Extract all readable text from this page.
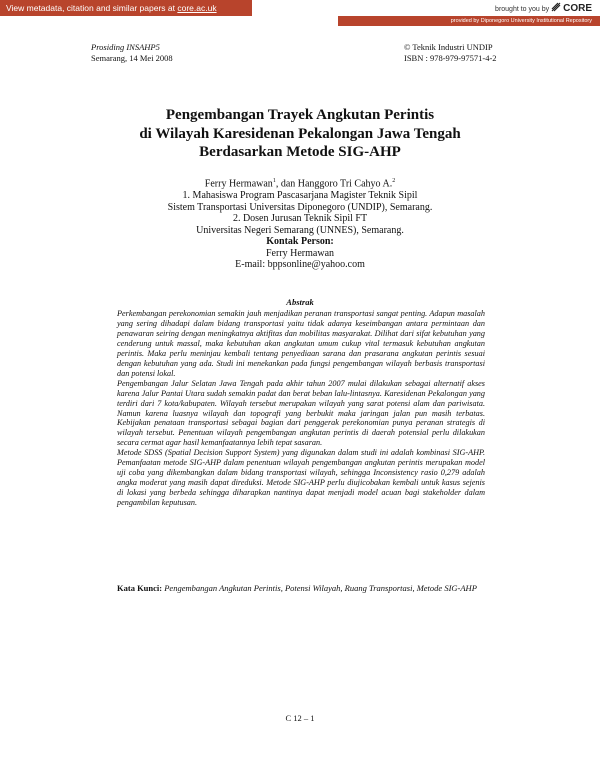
View metadata, citation and similar papers at core.ac.uk	brought to you by CORE
provided by Diponegoro University Institutional Repository
Prosiding INSAHP5
Semarang, 14 Mei 2008
© Teknik Industri UNDIP
ISBN : 978-979-97571-4-2
Pengembangan Trayek Angkutan Perintis
di Wilayah Karesidenan Pekalongan Jawa Tengah
Berdasarkan Metode SIG-AHP
Ferry Hermawan$^1$, dan Hanggoro Tri Cahyo A.$^2$
1. Mahasiswa Program Pascasarjana Magister Teknik Sipil
Sistem Transportasi Universitas Diponegoro (UNDIP), Semarang.
2. Dosen Jurusan Teknik Sipil FT
Universitas Negeri Semarang (UNNES), Semarang.
Kontak Person:
Ferry Hermawan
E-mail: bppsonline@yahoo.com
Abstrak

Perkembangan perekonomian semakin jauh menjadikan peranan transportasi sangat penting. Adapun masalah yang sering dihadapi dalam bidang transportasi yaitu tidak adanya keseimbangan antara permintaan dan penawaran seiring dengan meningkatnya aktifitas dan mobilitas masyarakat. Dilihat dari sifat kebutuhan yang cenderung untuk massal, maka kebutuhan akan angkutan umum cukup vital termasuk kebutuhan angkutan perintis. Maka perlu meninjau kembali tentang penyediaan sarana dan prasarana angkutan perintis sesuai dengan kebutuhan yang ada. Studi ini menekankan pada fungsi pengembangan wilayah berbasis transportasi dan potensi lokal.

Pengembangan Jalur Selatan Jawa Tengah pada akhir tahun 2007 mulai dilakukan sebagai alternatif akses karena Jalur Pantai Utara sudah semakin padat dan berat beban lalu-lintasnya. Karesidenan Pekalongan yang terdiri dari 7 kota/kabupaten. Wilayah tersebut merupakan wilayah yang sarat potensi alam dan pariwisata. Namun karena luasnya wilayah dan topografi yang berbukit maka jaringan jalan pun masih terbatas. Kebijakan penataan transportasi sebagai bagian dari penggerak perekonomian punya peranan strategis di wilayah tersebut. Penentuan wilayah pengembangan angkutan perintis di daerah potensial perlu dilakukan secara cermat agar hasil kemanfaatannya lebih tepat sasaran.

Metode SDSS (Spatial Decision Support System) yang digunakan dalam studi ini adalah kombinasi SIG-AHP. Pemanfaatan metode SIG-AHP dalam penentuan wilayah pengembangan angkutan perintis merupakan model uji coba yang dikembangkan dalam bidang transportasi wilayah, sehingga Inconsistency rasio 0,279 adalah angka moderat yang masih dapat direduksi. Metode SIG-AHP perlu diujicobakan kembali untuk kasus sejenis di lokasi yang berbeda sehingga diharapkan nantinya dapat menjadi model acuan bagi stakeholder dalam pengambilan keputusan.

Kata Kunci: Pengembangan Angkutan Perintis, Potensi Wilayah, Ruang Transportasi, Metode SIG-AHP
C 12 – 1
